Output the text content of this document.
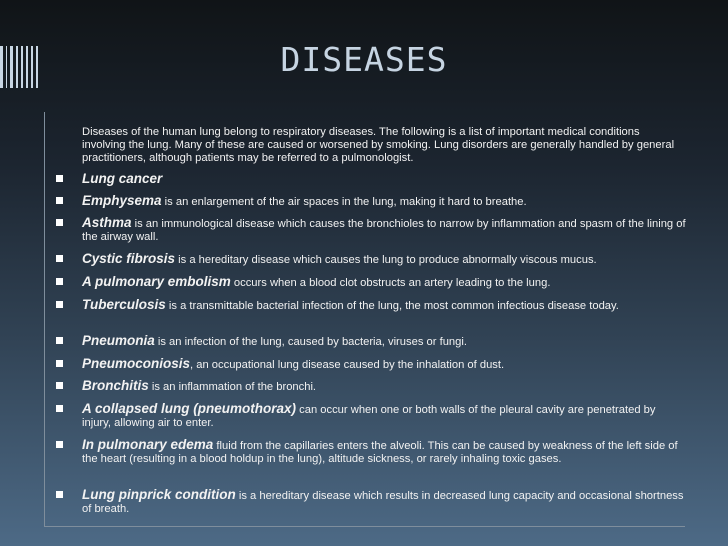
DISEASES
Diseases of the human lung belong to respiratory diseases. The following is a list of important medical conditions involving the lung. Many of these are caused or worsened by smoking. Lung disorders are generally handled by general practitioners, although patients may be referred to a pulmonologist.
Lung cancer
Emphysema is an enlargement of the air spaces in the lung, making it hard to breathe.
Asthma is an immunological disease which causes the bronchioles to narrow by inflammation and spasm of the lining of the airway wall.
Cystic fibrosis is a hereditary disease which causes the lung to produce abnormally viscous mucus.
A pulmonary embolism occurs when a blood clot obstructs an artery leading to the lung.
Tuberculosis is a transmittable bacterial infection of the lung, the most common infectious disease today.
Pneumonia is an infection of the lung, caused by bacteria, viruses or fungi.
Pneumoconiosis, an occupational lung disease caused by the inhalation of dust.
Bronchitis is an inflammation of the bronchi.
A collapsed lung (pneumothorax) can occur when one or both walls of the pleural cavity are penetrated by injury, allowing air to enter.
In pulmonary edema fluid from the capillaries enters the alveoli. This can be caused by weakness of the left side of the heart (resulting in a blood holdup in the lung), altitude sickness, or rarely inhaling toxic gases.
Lung pinprick condition is a hereditary disease which results in decreased lung capacity and occasional shortness of breath.
